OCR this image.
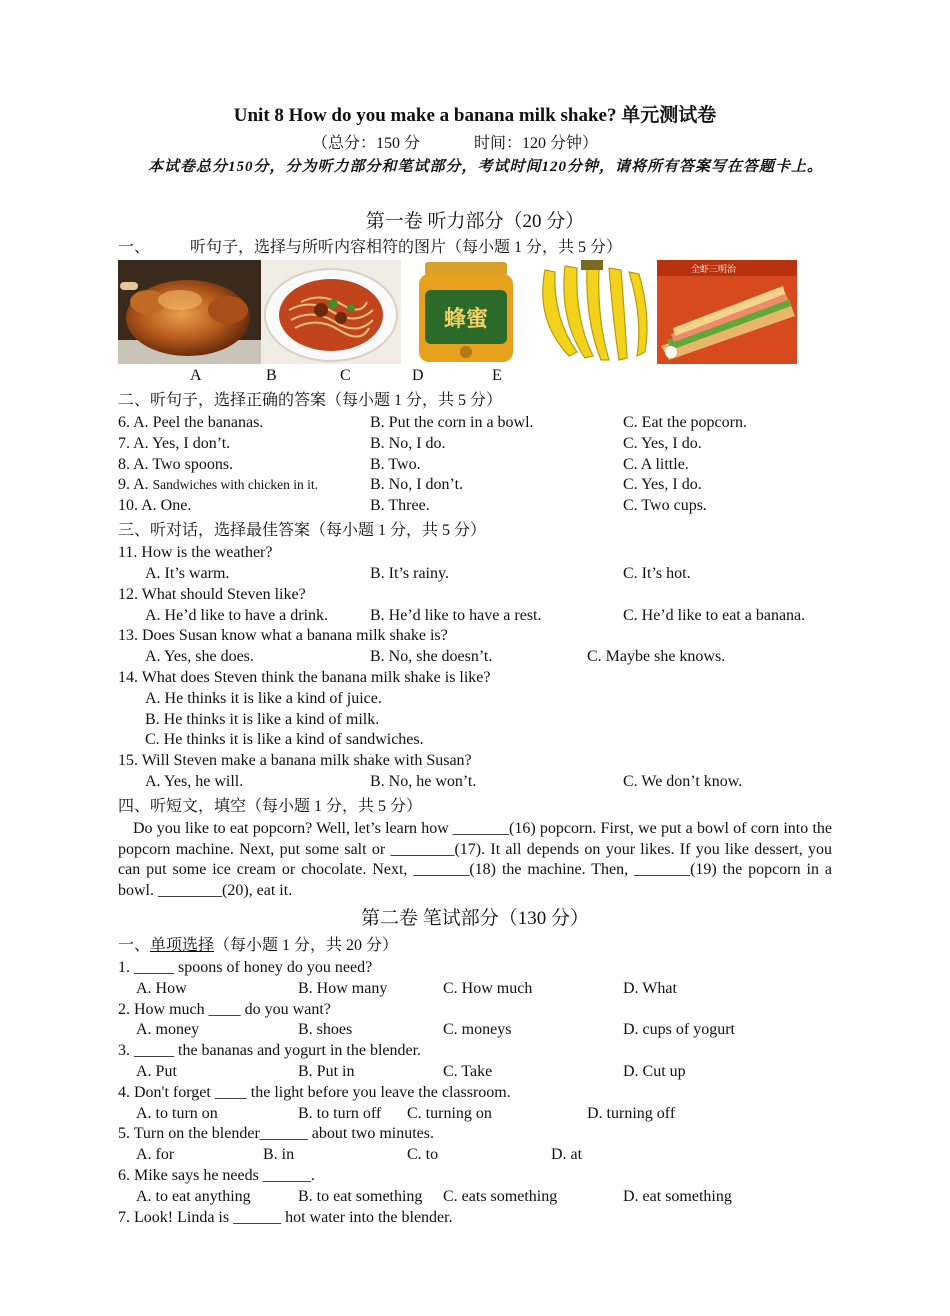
Unit 8 How do you make a banana milk shake? 单元测试卷
（总分：150 分	时间：120 分钟）
本试卷总分150分，分为听力部分和笔试部分，考试时间120分钟，请将所有答案写在答题卡上。
第一卷 听力部分（20 分）
一、 听句子，选择与所听内容相符的图片（每小题 1 分，共 5 分）
蜂蜜
全虾三明治
A	B	C	D	E
二、听句子，选择正确的答案（每小题 1 分，共 5 分）
6. A. Peel the bananas.	B. Put the corn in a bowl.	C. Eat the popcorn.
7. A. Yes, I don’t.	B. No, I do.	C. Yes, I do.
8. A. Two spoons.	B. Two.	C. A little.
9. A. Sandwiches with chicken in it.	B. No, I don’t.	C. Yes, I do.
10. A. One.	B. Three.	C. Two cups.
三、听对话，选择最佳答案（每小题 1 分，共 5 分）
11. How is the weather?
A. It’s warm.	B. It’s rainy.	C. It’s hot.
12. What should Steven like?
A. He’d like to have a drink.	B. He’d like to have a rest.	C. He’d like to eat a banana.
13. Does Susan know what a banana milk shake is?
A. Yes, she does.	B. No, she doesn’t.	C. Maybe she knows.
14. What does Steven think the banana milk shake is like?
A. He thinks it is like a kind of juice.
B. He thinks it is like a kind of milk.
C. He thinks it is like a kind of sandwiches.
15. Will Steven make a banana milk shake with Susan?
A. Yes, he will.	B. No, he won’t.	C. We don’t know.
四、听短文，填空（每小题 1 分，共 5 分）
Do you like to eat popcorn? Well, let’s learn how _______(16) popcorn. First, we put a bowl of corn into the popcorn machine. Next, put some salt or ________(17). It all depends on your likes. If you like dessert, you can put some ice cream or chocolate. Next, _______(18) the machine. Then, _______(19) the popcorn in a bowl. ________(20), eat it.
第二卷 笔试部分（130 分）
一、单项选择（每小题 1 分，共 20 分）
1. _____ spoons of honey do you need?
A. How	B. How many	C. How much	D. What
2. How much ____ do you want?
A. money	B. shoes	C. moneys	D. cups of yogurt
3. _____ the bananas and yogurt in the blender.
A. Put	B. Put in	C. Take	D. Cut up
4. Don't forget ____ the light before you leave the classroom.
A. to turn on	B. to turn off C. turning on	D. turning off
5. Turn on the blender______ about two minutes.
A. for	B. in	C. to	D. at
6. Mike says he needs ______.
A. to eat anything	B. to eat something C. eats something	D. eat something
7. Look! Linda is ______ hot water into the blender.
